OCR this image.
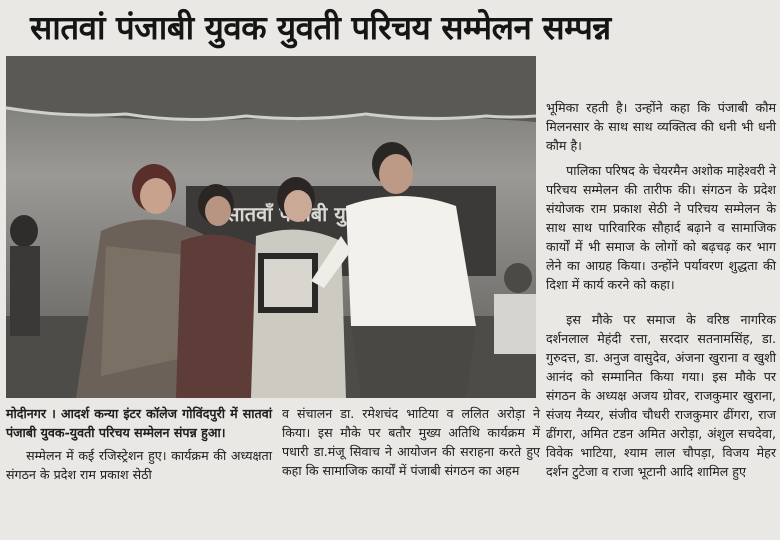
सातवां पंजाबी युवक युवती परिचय सम्मेलन सम्पन्न
सातवाँ

भूमिका रहती है। उन्होंने कहा कि पंजाबी कौम मिलनसार के साथ साथ व्यक्तित्व की धनी भी धनी कौम है।

पालिका परिषद के चेयरमैन अशोक माहेश्वरी ने परिचय सम्मेलन की तारीफ की। संगठन के प्रदेश संयोजक राम प्रकाश सेठी ने परिचय सम्मेलन के साथ साथ पारिवारिक सौहार्द बढ़ाने व सामाजिक कार्यों में भी समाज के लोगों को बढ़चढ़ कर भाग लेने का आग्रह किया। उन्होंने पर्यावरण शुद्धता की दिशा में कार्य करने को कहा।

इस मौके पर समाज के वरिष्ठ नागरिक दर्शनलाल मेहंदी रत्ता, सरदार सतनामसिंह, डा. गुरुदत्त, डा. अनुज वासुदेव, अंजना खुराना व खुशी आनंद को सम्मानित किया गया। इस मौके पर संगठन के अध्यक्ष अजय ग्रोवर, राजकुमार खुराना, संजय नैय्यर, संजीव चौधरी राजकुमार ढींगरा, राज ढींगरा, अमित टडन अमित अरोड़ा, अंशुल सचदेवा, विवेक भाटिया, श्याम लाल चौपड़ा, विजय मेहर दर्शन टुटेजा व राजा भूटानी आदि शामिल हुए

मोदीनगर । आदर्श कन्या इंटर कॉलेज गोविंदपुरी में सातवां पंजाबी युवक-युवती परिचय सम्मेलन संपन्न हुआ।

सम्मेलन में कई रजिस्ट्रेशन हुए। कार्यक्रम की अध्यक्षता संगठन के प्रदेश राम प्रकाश सेठी

व संचालन डा. रमेशचंद भाटिया व ललित अरोड़ा ने किया। इस मौके पर बतौर मुख्य अतिथि कार्यक्रम में पधारी डा.मंजू सिवाच ने आयोजन की सराहना करते हुए कहा कि सामाजिक कार्यों में पंजाबी संगठन का अहम
